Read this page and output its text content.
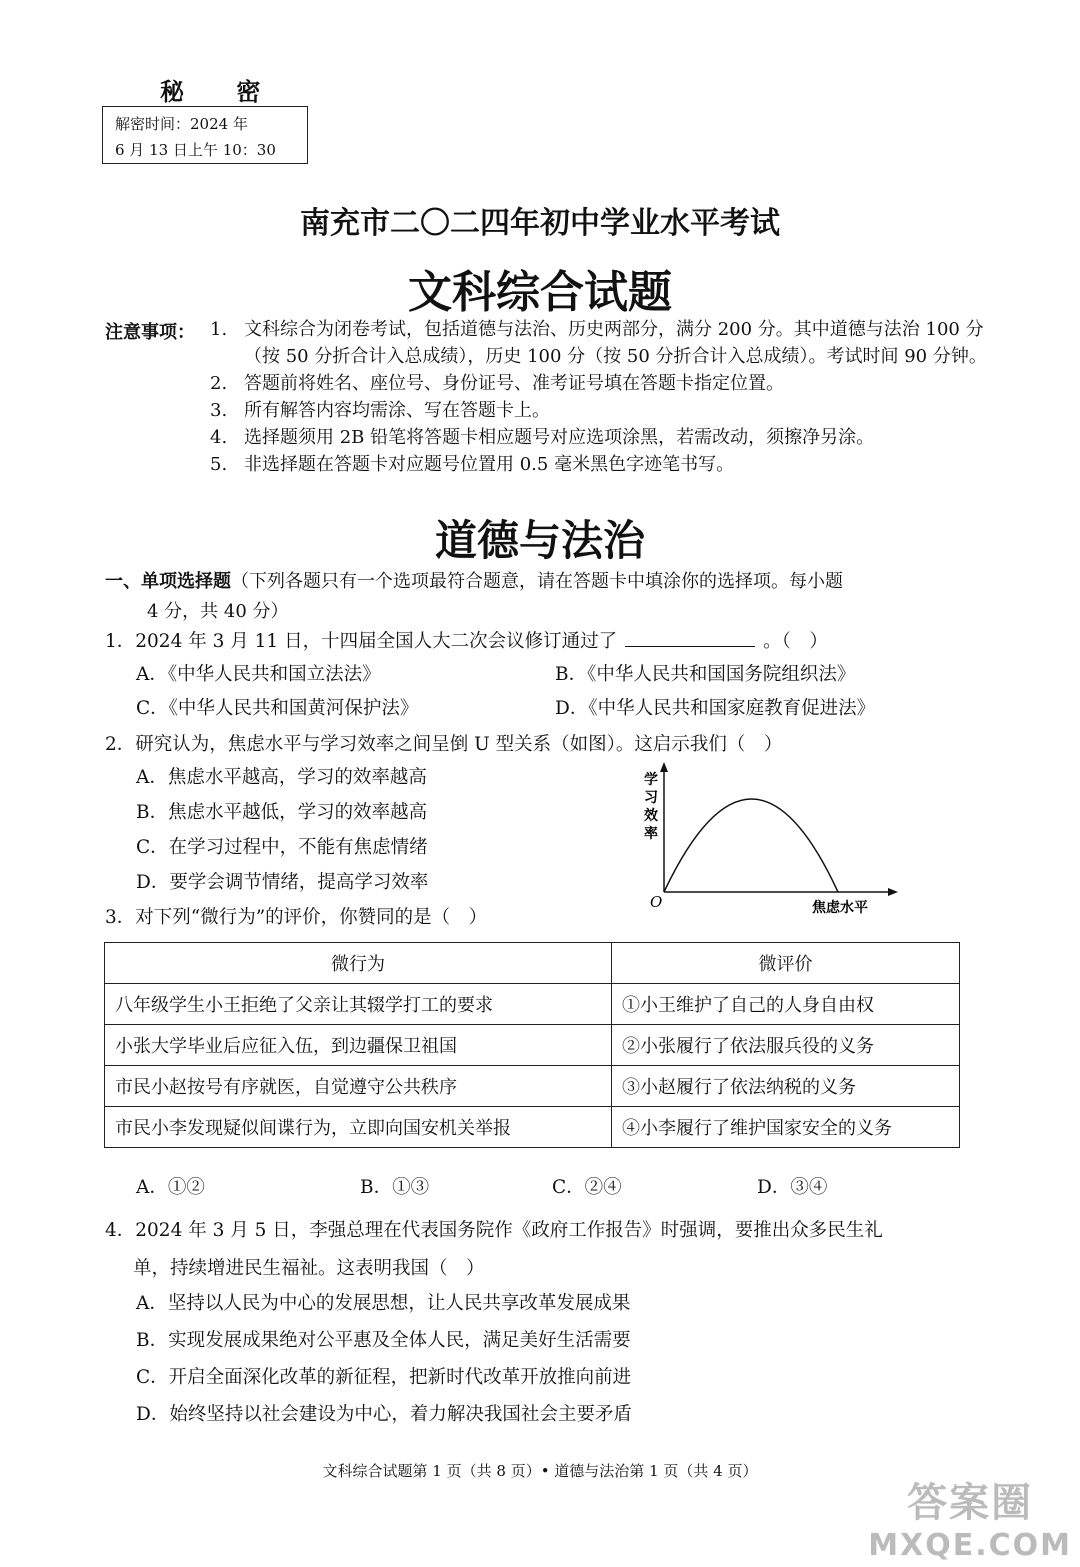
秘 密
解密时间：2024 年
6 月 13 日上午 10：30
南充市二〇二四年初中学业水平考试
文科综合试题
注意事项： 1. 文科综合为闭卷考试，包括道德与法治、历史两部分，满分 200 分。其中道德与法治 100 分（按 50 分折合计入总成绩），历史 100 分（按 50 分折合计入总成绩）。考试时间 90 分钟。
2. 答题前将姓名、座位号、身份证号、准考证号填在答题卡指定位置。
3. 所有解答内容均需涂、写在答题卡上。
4. 选择题须用 2B 铅笔将答题卡相应题号对应选项涂黑，若需改动，须擦净另涂。
5. 非选择题在答题卡对应题号位置用 0.5 毫米黑色字迹笔书写。
道德与法治
一、单项选择题（下列各题只有一个选项最符合题意，请在答题卡中填涂你的选择项。每小题
4 分，共 40 分）
1．2024 年 3 月 11 日，十四届全国人大二次会议修订通过了	。（　）
A．《中华人民共和国立法法》	B．《中华人民共和国国务院组织法》
C．《中华人民共和国黄河保护法》	D．《中华人民共和国家庭教育促进法》
2．研究认为，焦虑水平与学习效率之间呈倒 U 型关系（如图）。这启示我们（　）
A．焦虑水平越高，学习的效率越高
B．焦虑水平越低，学习的效率越高
C．在学习过程中，不能有焦虑情绪
D．要学会调节情绪，提高学习效率
学
习
效
率
O	焦虑水平
3．对下列“微行为”的评价，你赞同的是（　）
微行为	微评价
八年级学生小王拒绝了父亲让其辍学打工的要求	①小王维护了自己的人身自由权
小张大学毕业后应征入伍，到边疆保卫祖国	②小张履行了依法服兵役的义务
市民小赵按号有序就医，自觉遵守公共秩序	③小赵履行了依法纳税的义务
市民小李发现疑似间谍行为，立即向国安机关举报	④小李履行了维护国家安全的义务
A．①②	B．①③	C．②④	D．③④
4．2024 年 3 月 5 日，李强总理在代表国务院作《政府工作报告》时强调，要推出众多民生礼
单，持续增进民生福祉。这表明我国（　）
A．坚持以人民为中心的发展思想，让人民共享改革发展成果
B．实现发展成果绝对公平惠及全体人民，满足美好生活需要
C．开启全面深化改革的新征程，把新时代改革开放推向前进
D．始终坚持以社会建设为中心，着力解决我国社会主要矛盾
文科综合试题第 1 页（共 8 页）• 道德与法治第 1 页（共 4 页）
答案圈
MXQE.COM
